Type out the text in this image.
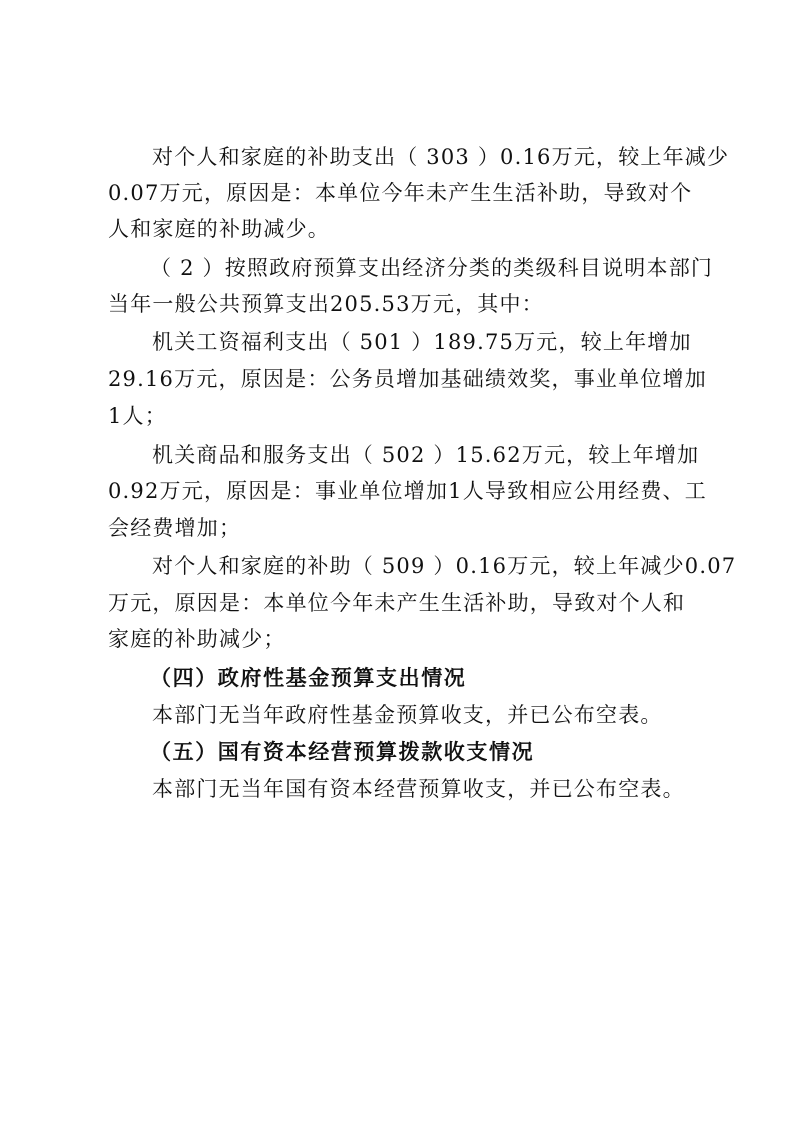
对个人和家庭的补助支出（ 303 ）0.16万元，较上年减少
0.07万元，原因是：本单位今年未产生生活补助，导致对个
人和家庭的补助减少。
（ 2 ）按照政府预算支出经济分类的类级科目说明本部门
当年一般公共预算支出205.53万元，其中：
机关工资福利支出（ 501 ）189.75万元，较上年增加
29.16万元，原因是：公务员增加基础绩效奖，事业单位增加
1人；
机关商品和服务支出（ 502 ）15.62万元，较上年增加
0.92万元，原因是：事业单位增加1人导致相应公用经费、工
会经费增加；
对个人和家庭的补助（ 509 ）0.16万元，较上年减少0.07
万元，原因是：本单位今年未产生生活补助，导致对个人和
家庭的补助减少；
（四）政府性基金预算支出情况
本部门无当年政府性基金预算收支，并已公布空表。
（五）国有资本经营预算拨款收支情况
本部门无当年国有资本经营预算收支，并已公布空表。
